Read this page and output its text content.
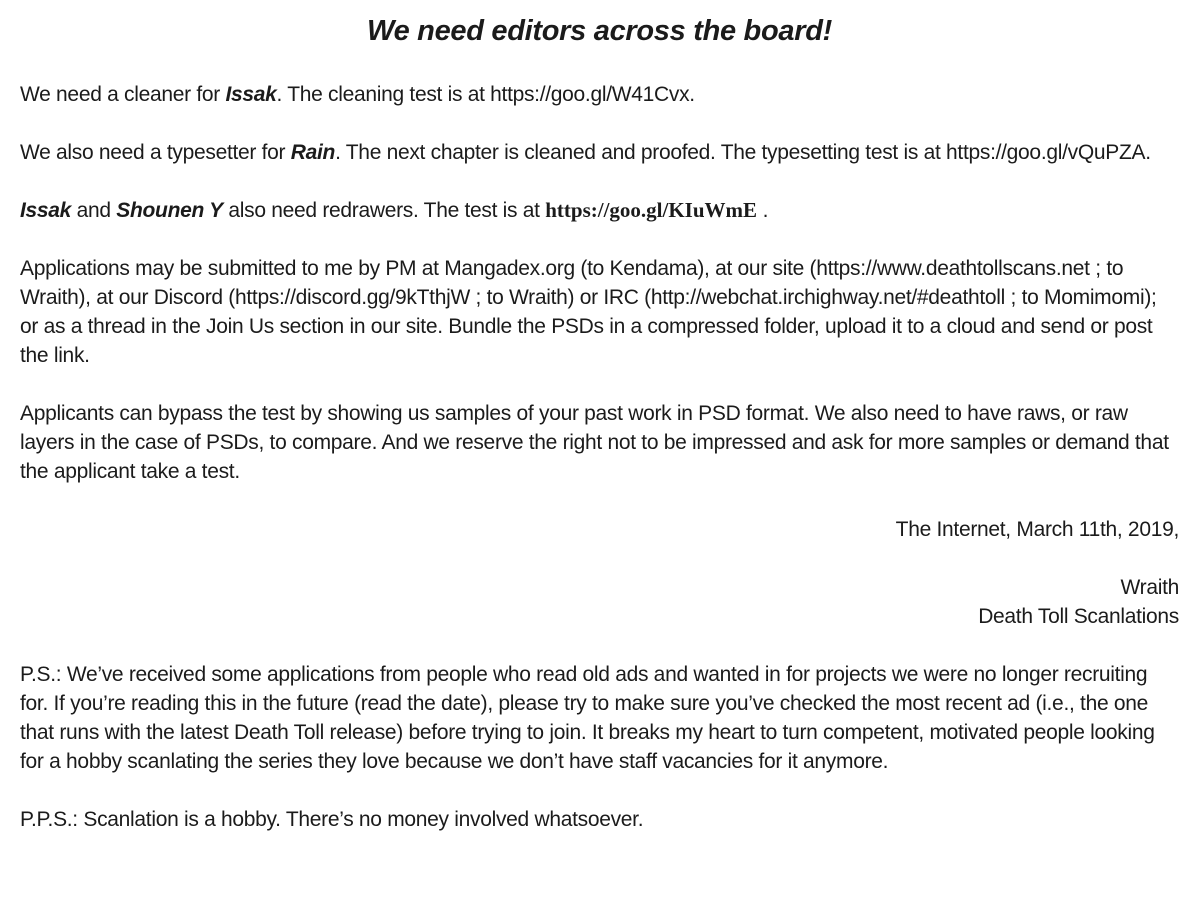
We need editors across the board!

We need a cleaner for Issak. The cleaning test is at https://goo.gl/W41Cvx.

We also need a typesetter for Rain. The next chapter is cleaned and proofed. The typesetting test is at https://goo.gl/vQuPZA.

Issak and Shounen Y also need redrawers. The test is at https://goo.gl/KIuWmE .

Applications may be submitted to me by PM at Mangadex.org (to Kendama), at our site (https://www.deathtollscans.net ; to Wraith), at our Discord (https://discord.gg/9kTthjW ; to Wraith) or IRC (http://webchat.irchighway.net/#deathtoll ; to Momimomi); or as a thread in the Join Us section in our site. Bundle the PSDs in a compressed folder, upload it to a cloud and send or post the link.

Applicants can bypass the test by showing us samples of your past work in PSD format. We also need to have raws, or raw layers in the case of PSDs, to compare. And we reserve the right not to be impressed and ask for more samples or demand that the applicant take a test.

The Internet, March 11th, 2019,

Wraith
Death Toll Scanlations

P.S.: We’ve received some applications from people who read old ads and wanted in for projects we were no longer recruiting for. If you’re reading this in the future (read the date), please try to make sure you’ve checked the most recent ad (i.e., the one that runs with the latest Death Toll release) before trying to join. It breaks my heart to turn competent, motivated people looking for a hobby scanlating the series they love because we don’t have staff vacancies for it anymore.

P.P.S.: Scanlation is a hobby. There’s no money involved whatsoever.
